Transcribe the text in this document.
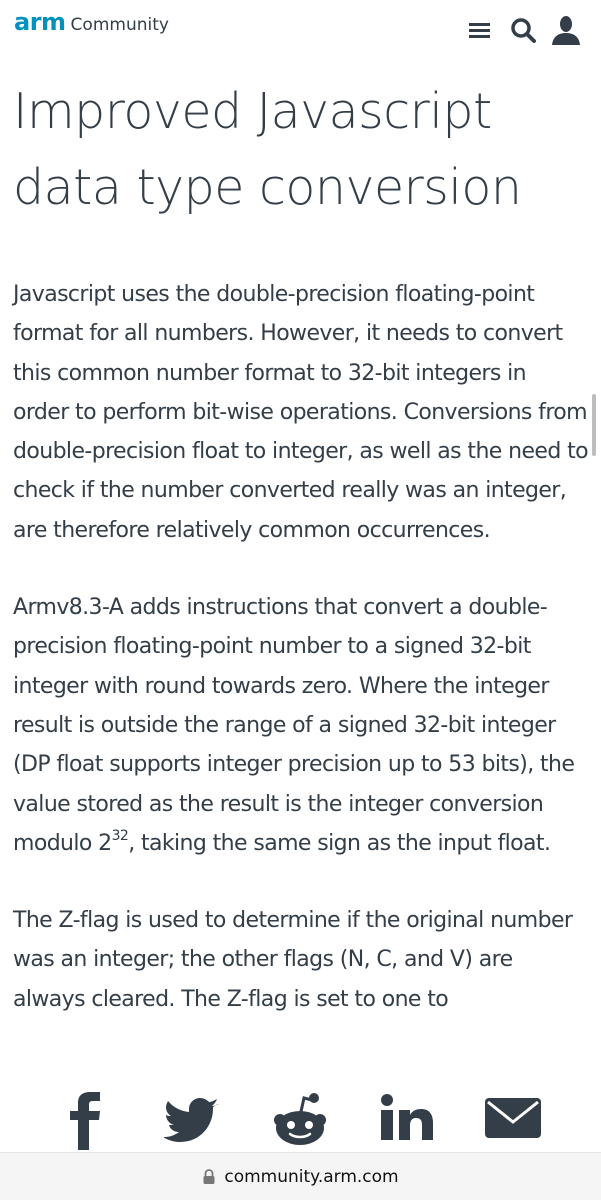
arm Community
Improved Javascript data type conversion

Javascript uses the double-precision floating-point format for all numbers. However, it needs to convert this common number format to 32-bit integers in order to perform bit-wise operations. Conversions from double-precision float to integer, as well as the need to check if the number converted really was an integer, are therefore relatively common occurrences.

Armv8.3-A adds instructions that convert a double-precision floating-point number to a signed 32-bit integer with round towards zero. Where the integer result is outside the range of a signed 32-bit integer (DP float supports integer precision up to 53 bits), the value stored as the result is the integer conversion modulo $2^{32}$, taking the same sign as the input float.

The Z-flag is used to determine if the original number was an integer; the other flags (N, C, and V) are always cleared. The Z-flag is set to one to

community.arm.com
